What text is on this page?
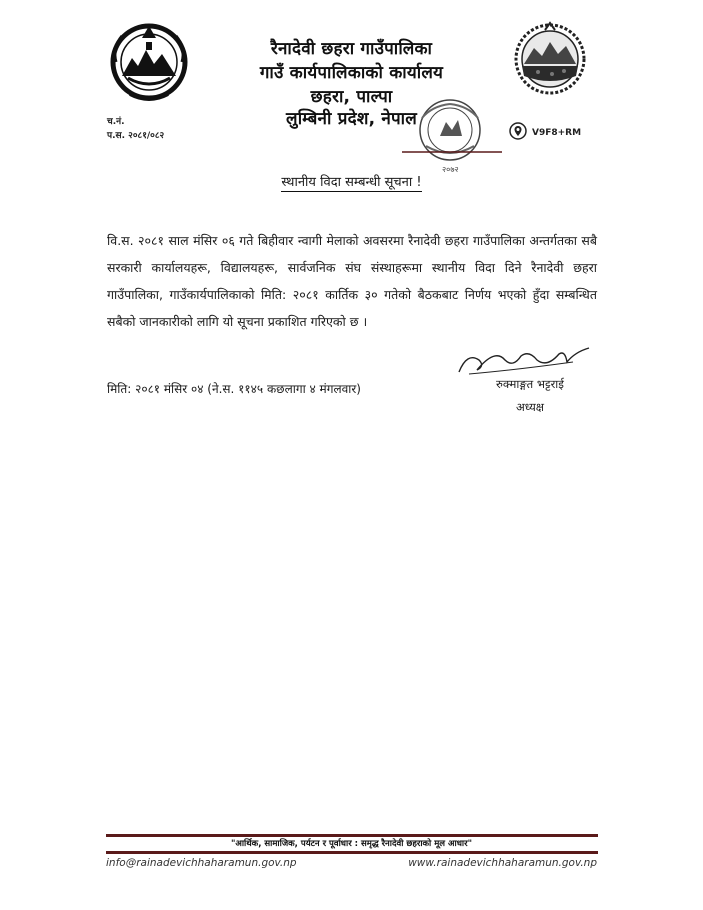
रैनादेवी छहरा गाउँपालिका
गाउँ कार्यपालिकाको कार्यालय
छहरा, पाल्पा
लुम्बिनी प्रदेश, नेपाल
च.नं.
प.स. २०८१/०८२	V9F8+RM
२०७२
स्थानीय विदा सम्बन्धी सूचना !
वि.स. २०८१ साल मंसिर ०६ गते बिहीवार न्वागी मेलाको अवसरमा रैनादेवी छहरा गाउँपालिका अन्तर्गतका सबै सरकारी कार्यालयहरू, विद्यालयहरू, सार्वजनिक संघ संस्थाहरूमा स्थानीय विदा दिने रैनादेवी छहरा गाउँपालिका, गाउँकार्यपालिकाको मिति: २०८१ कार्तिक ३० गतेको बैठकबाट निर्णय भएको हुँदा सम्बन्धित सबैको जानकारीको लागि यो सूचना प्रकाशित गरिएको छ ।
मिति: २०८१ मंसिर ०४ (ने.स. ११४५ कछलागा ४ मंगलवार)	रुक्माङ्गत भट्टराई
अध्यक्ष
"आर्थिक, सामाजिक, पर्यटन र पूर्वाधार : समृद्ध रैनादेवी छहराको मूल आधार"
info@rainadevichhaharamun.gov.np	www.rainadevichhaharamun.gov.np
